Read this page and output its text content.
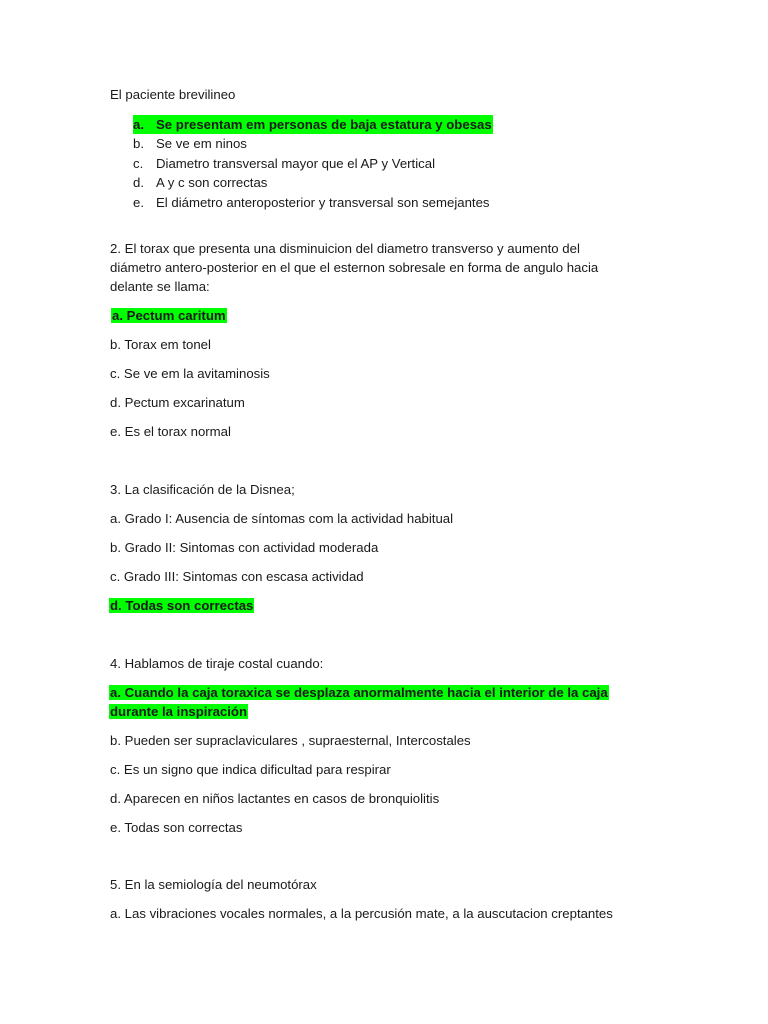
El paciente brevilineo
a. Se presentam em personas de baja estatura y obesas
b. Se ve em ninos
c. Diametro transversal mayor que el AP y Vertical
d. A y c son correctas
e. El diámetro anteroposterior y transversal son semejantes
2. El torax que presenta una disminuicion del diametro transverso y aumento del
diámetro antero-posterior en el que el esternon sobresale en forma de angulo hacia
delante se llama:
a. Pectum caritum
b. Torax em tonel
c. Se ve em la avitaminosis
d. Pectum excarinatum
e. Es el torax normal
3. La clasificación de la Disnea;
a. Grado I: Ausencia de síntomas com la actividad habitual
b. Grado II: Sintomas con actividad moderada
c. Grado III: Sintomas con escasa actividad
d. Todas son correctas
4. Hablamos de tiraje costal cuando:
a. Cuando la caja toraxica se desplaza anormalmente hacia el interior de la caja
durante la inspiración
b. Pueden ser supraclaviculares , supraesternal, Intercostales
c. Es un signo que indica dificultad para respirar
d. Aparecen en niños lactantes en casos de bronquiolitis
e. Todas son correctas
5. En la semiología del neumotórax
a. Las vibraciones vocales normales, a la percusión mate, a la auscutacion creptantes
